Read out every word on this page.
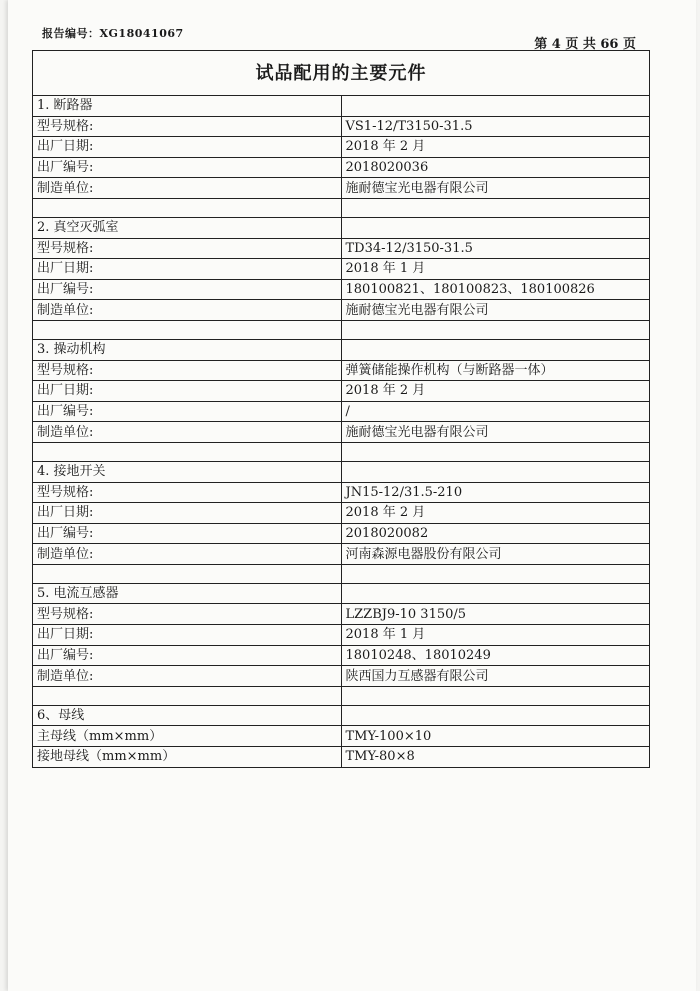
报告编号：XG18041067
第 4 页 共 66 页
试品配用的主要元件	
1. 断路器	
型号规格:	VS1-12/T3150-31.5
出厂日期:	2018 年 2 月
出厂编号:	2018020036
制造单位:	施耐德宝光电器有限公司

2. 真空灭弧室	
型号规格:	TD34-12/3150-31.5
出厂日期:	2018 年 1 月
出厂编号:	180100821、180100823、180100826
制造单位:	施耐德宝光电器有限公司

3. 操动机构	
型号规格:	弹簧储能操作机构（与断路器一体）
出厂日期:	2018 年 2 月
出厂编号:	/
制造单位:	施耐德宝光电器有限公司

4. 接地开关	
型号规格:	JN15-12/31.5-210
出厂日期:	2018 年 2 月
出厂编号:	2018020082
制造单位:	河南森源电器股份有限公司

5. 电流互感器	
型号规格:	LZZBJ9-10 3150/5
出厂日期:	2018 年 1 月
出厂编号:	18010248、18010249
制造单位:	陕西国力互感器有限公司

6、母线	
主母线（mm×mm）	TMY-100×10
接地母线（mm×mm）	TMY-80×8
